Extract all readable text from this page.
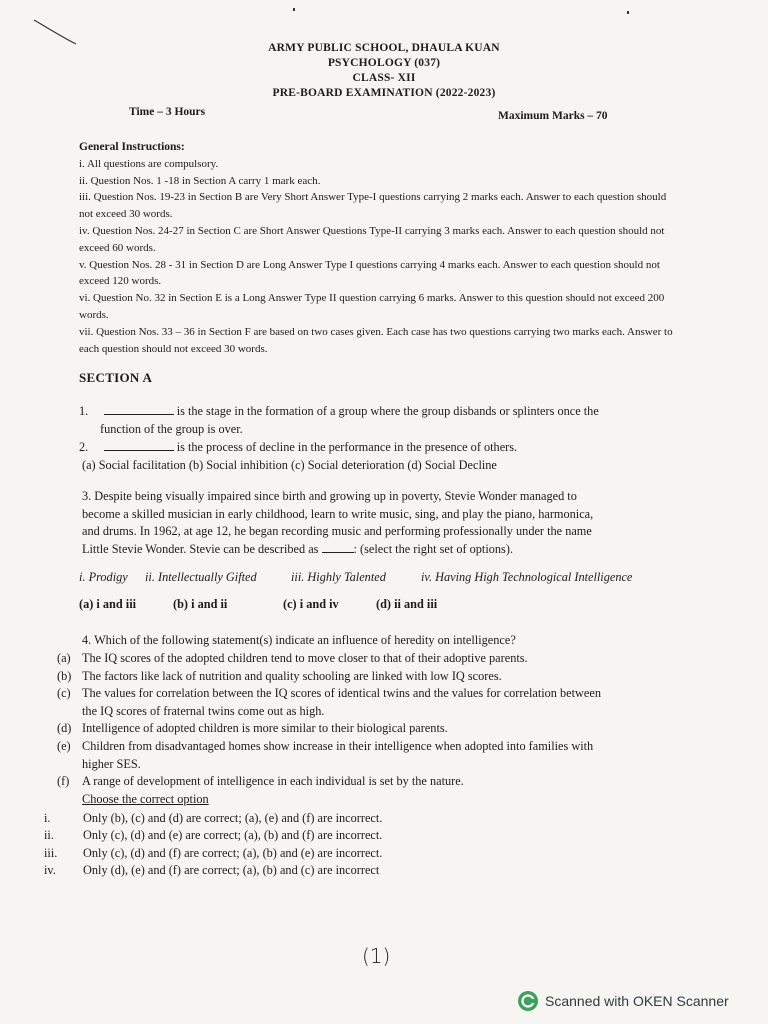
ARMY PUBLIC SCHOOL, DHAULA KUAN
PSYCHOLOGY (037)
CLASS- XII
PRE-BOARD EXAMINATION (2022-2023)
Time – 3 Hours	Maximum Marks – 70
General Instructions:
i. All questions are compulsory.
ii. Question Nos. 1 -18 in Section A carry 1 mark each.
iii. Question Nos. 19-23 in Section B are Very Short Answer Type-I questions carrying 2 marks each. Answer to each question should not exceed 30 words.
iv. Question Nos. 24-27 in Section C are Short Answer Questions Type-II carrying 3 marks each. Answer to each question should not exceed 60 words.
v. Question Nos. 28 - 31 in Section D are Long Answer Type I questions carrying 4 marks each. Answer to each question should not exceed 120 words.
vi. Question No. 32 in Section E is a Long Answer Type II question carrying 6 marks. Answer to this question should not exceed 200 words.
vii. Question Nos. 33 – 36 in Section F are based on two cases given. Each case has two questions carrying two marks each. Answer to each question should not exceed 30 words.
SECTION A
1.	is the stage in the formation of a group where the group disbands or splinters once the
function of the group is over.
2.	is the process of decline in the performance in the presence of others.
(a) Social facilitation (b) Social inhibition (c) Social deterioration (d) Social Decline
3. Despite being visually impaired since birth and growing up in poverty, Stevie Wonder managed to
become a skilled musician in early childhood, learn to write music, sing, and play the piano, harmonica,
and drums. In 1962, at age 12, he began recording music and performing professionally under the name
Little Stevie Wonder. Stevie can be described as	: (select the right set of options).
i. Prodigy	ii. Intellectually Gifted	iii. Highly Talented	iv. Having High Technological Intelligence
(a) i and iii	(b) i and ii	(c) i and iv	(d) ii and iii
4. Which of the following statement(s) indicate an influence of heredity on intelligence?
(a) The IQ scores of the adopted children tend to move closer to that of their adoptive parents.
(b) The factors like lack of nutrition and quality schooling are linked with low IQ scores.
(c) The values for correlation between the IQ scores of identical twins and the values for correlation between
the IQ scores of fraternal twins come out as high.
(d) Intelligence of adopted children is more similar to their biological parents.
(e) Children from disadvantaged homes show increase in their intelligence when adopted into families with
higher SES.
(f)	A range of development of intelligence in each individual is set by the nature.
Choose the correct option
i.	Only (b), (c) and (d) are correct; (a), (e) and (f) are incorrect.
ii.	Only (c), (d) and (e) are correct; (a), (b) and (f) are incorrect.
iii.	Only (c), (d) and (f) are correct; (a), (b) and (e) are incorrect.
iv.	Only (d), (e) and (f) are correct; (a), (b) and (c) are incorrect
(1)
Scanned with OKEN Scanner
